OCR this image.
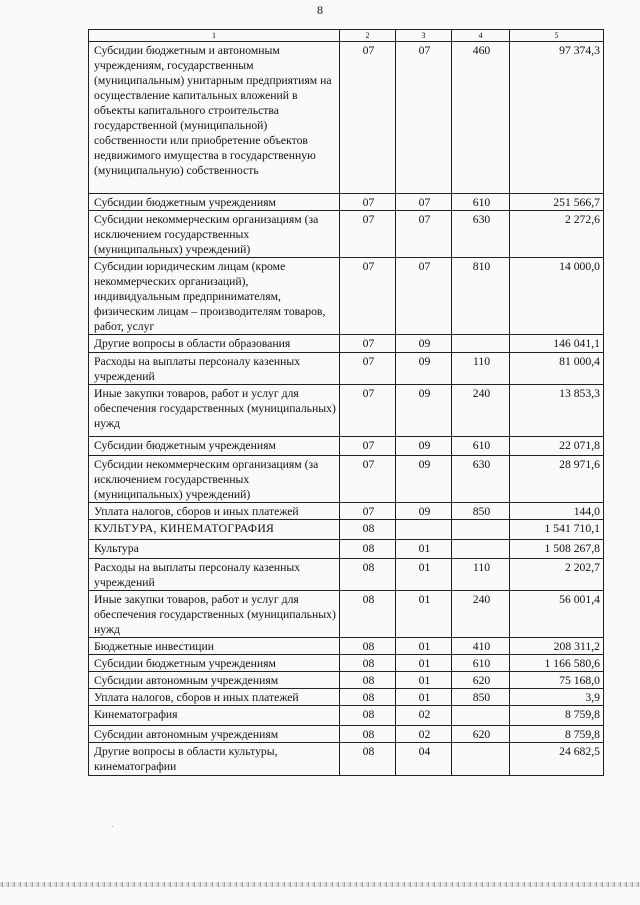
8
1	2	3	4	5
Субсидии бюджетным и автономным учреждениям, государственным (муниципальным) унитарным предприятиям на осуществление капитальных вложений в объекты капитального строительства государственной (муниципальной) собственности или приобретение объектов недвижимого имущества в государственную (муниципальную) собственность	07	07	460	97 374,3
Субсидии бюджетным учреждениям	07	07	610	251 566,7
Субсидии некоммерческим организациям (за исключением государственных (муниципальных) учреждений)	07	07	630	2 272,6
Субсидии юридическим лицам (кроме некоммерческих организаций), индивидуальным предпринимателям, физическим лицам – производителям товаров, работ, услуг	07	07	810	14 000,0
Другие вопросы в области образования	07	09		146 041,1
Расходы на выплаты персоналу казенных учреждений	07	09	110	81 000,4
Иные закупки товаров, работ и услуг для обеспечения государственных (муниципальных) нужд	07	09	240	13 853,3
Субсидии бюджетным учреждениям	07	09	610	22 071,8
Субсидии некоммерческим организациям (за исключением государственных (муниципальных) учреждений)	07	09	630	28 971,6
Уплата налогов, сборов и иных платежей	07	09	850	144,0
КУЛЬТУРА, КИНЕМАТОГРАФИЯ	08			1 541 710,1
Культура	08	01		1 508 267,8
Расходы на выплаты персоналу казенных учреждений	08	01	110	2 202,7
Иные закупки товаров, работ и услуг для обеспечения государственных (муниципальных) нужд	08	01	240	56 001,4
Бюджетные инвестиции	08	01	410	208 311,2
Субсидии бюджетным учреждениям	08	01	610	1 166 580,6
Субсидии автономным учреждениям	08	01	620	75 168,0
Уплата налогов, сборов и иных платежей	08	01	850	3,9
Кинематография	08	02		8 759,8
Субсидии автономным учреждениям	08	02	620	8 759,8
Другие вопросы в области культуры, кинематографии	08	04		24 682,5
